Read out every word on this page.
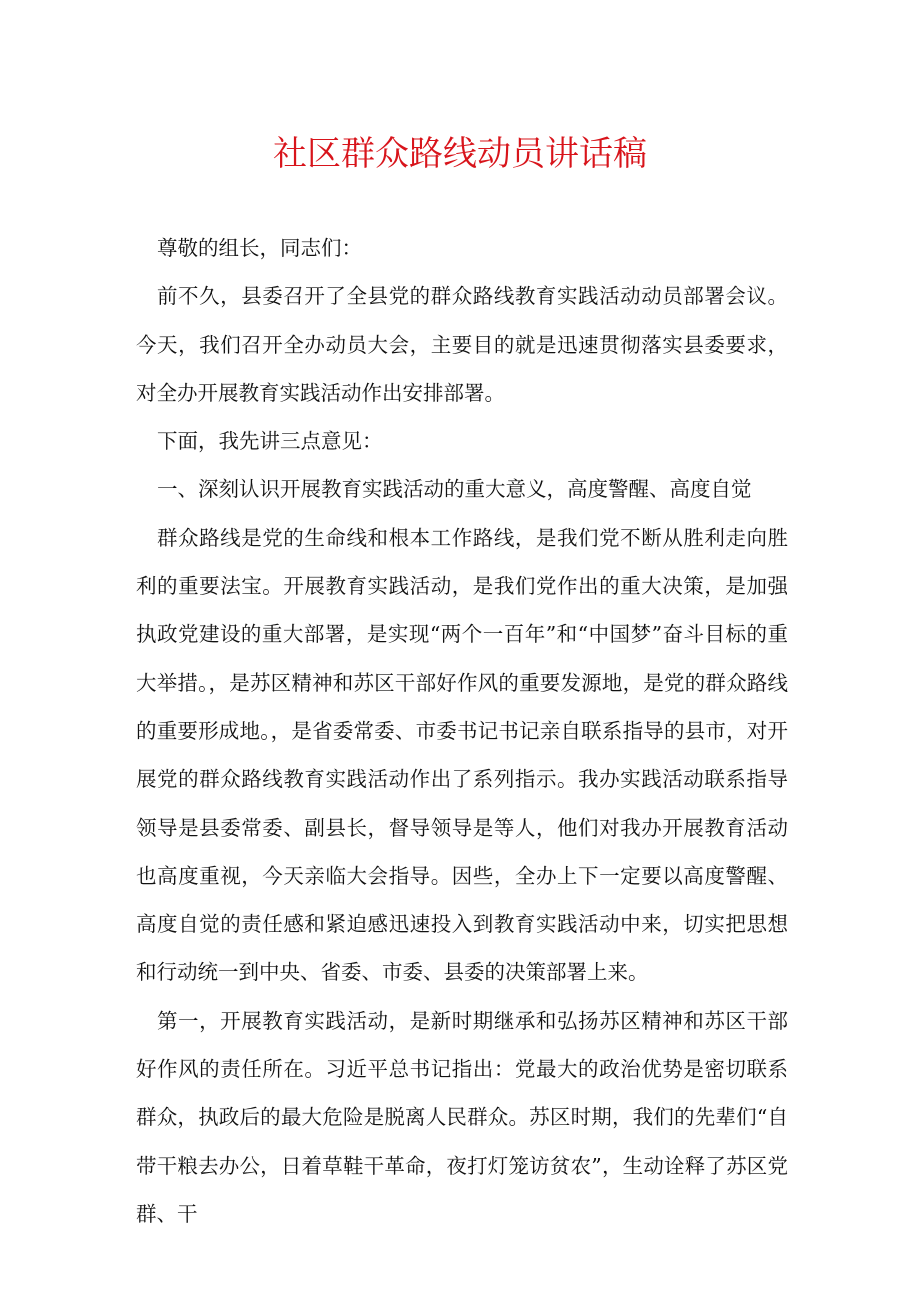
社区群众路线动员讲话稿

尊敬的组长，同志们：

前不久，县委召开了全县党的群众路线教育实践活动动员部署会议。今天，我们召开全办动员大会，主要目的就是迅速贯彻落实县委要求，对全办开展教育实践活动作出安排部署。

下面，我先讲三点意见：

一、深刻认识开展教育实践活动的重大意义，高度警醒、高度自觉

群众路线是党的生命线和根本工作路线，是我们党不断从胜利走向胜利的重要法宝。开展教育实践活动，是我们党作出的重大决策，是加强执政党建设的重大部署，是实现“两个一百年”和“中国梦”奋斗目标的重大举措。，是苏区精神和苏区干部好作风的重要发源地，是党的群众路线的重要形成地。，是省委常委、市委书记书记亲自联系指导的县市，对开展党的群众路线教育实践活动作出了系列指示。我办实践活动联系指导领导是县委常委、副县长，督导领导是等人，他们对我办开展教育活动也高度重视，今天亲临大会指导。因些，全办上下一定要以高度警醒、高度自觉的责任感和紧迫感迅速投入到教育实践活动中来，切实把思想和行动统一到中央、省委、市委、县委的决策部署上来。

第一，开展教育实践活动，是新时期继承和弘扬苏区精神和苏区干部好作风的责任所在。习近平总书记指出：党最大的政治优势是密切联系群众，执政后的最大危险是脱离人民群众。苏区时期，我们的先辈们“自带干粮去办公，日着草鞋干革命，夜打灯笼访贫农”，生动诠释了苏区党群、干
